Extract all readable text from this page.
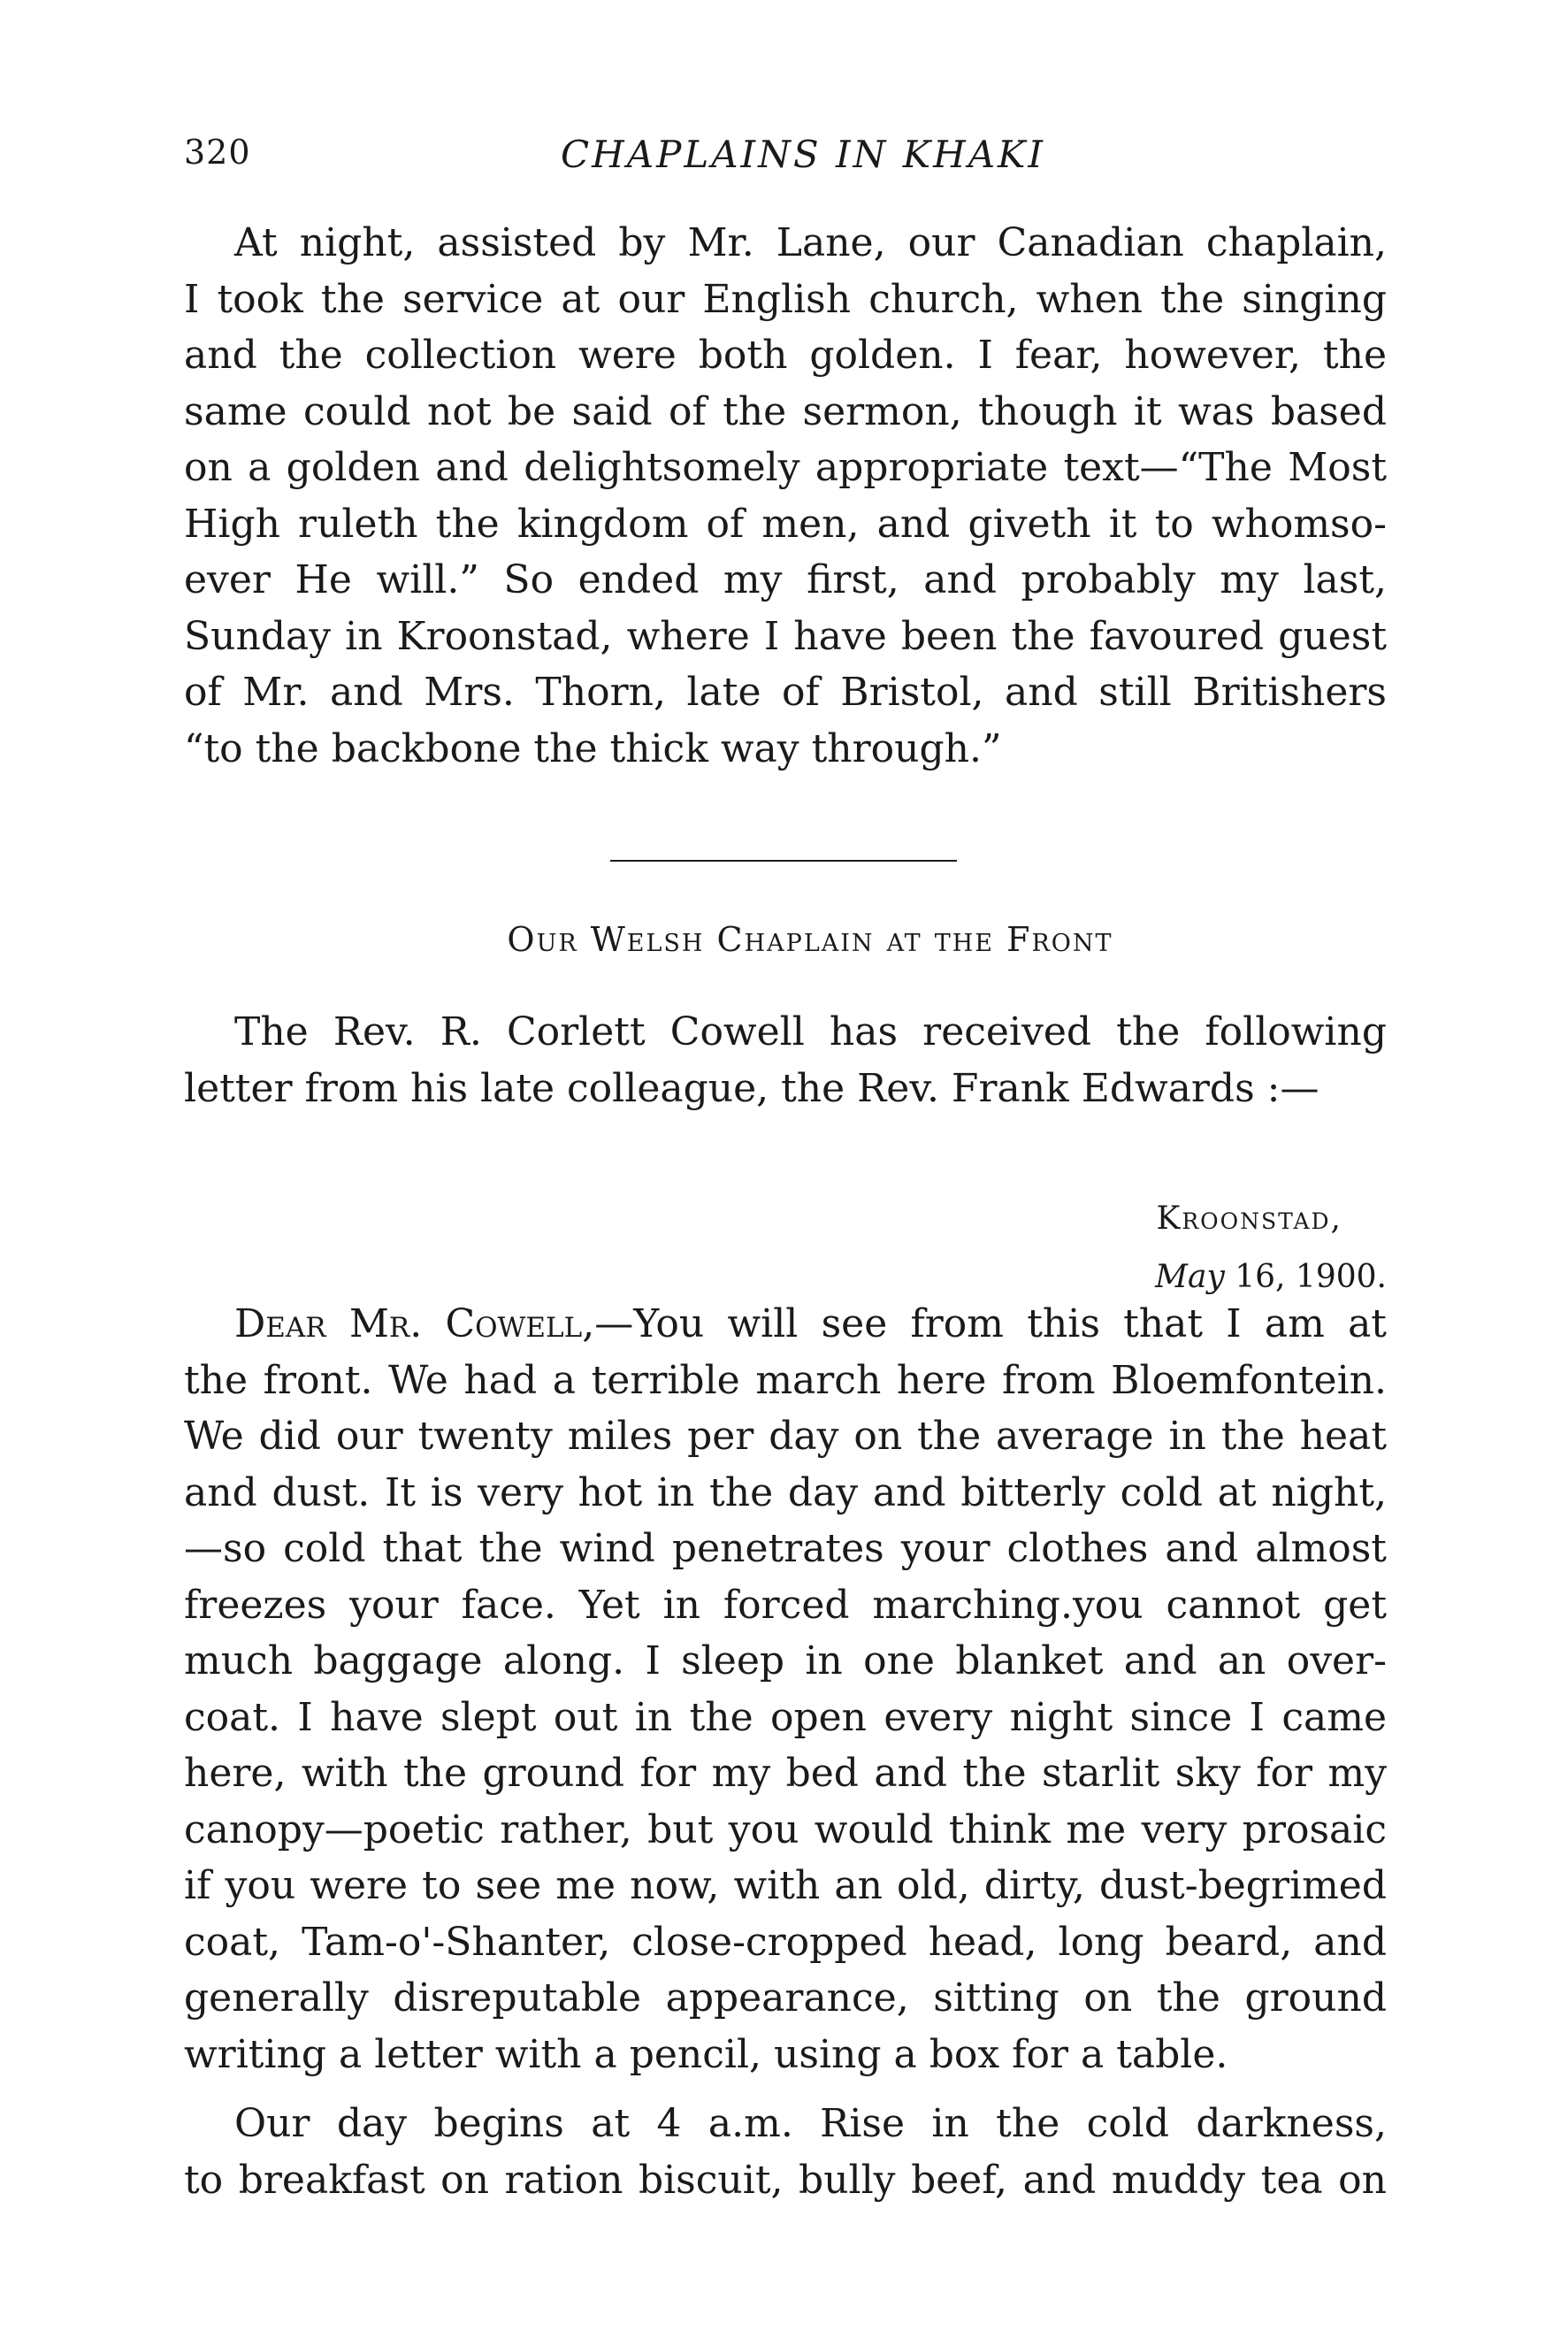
320	CHAPLAINS IN KHAKI
At night, assisted by Mr. Lane, our Canadian chaplain,
I took the service at our English church, when the singing
and the collection were both golden. I fear, however, the
same could not be said of the sermon, though it was based
on a golden and delightsomely appropriate text—“The Most
High ruleth the kingdom of men, and giveth it to whomso-
ever He will.” So ended my first, and probably my last,
Sunday in Kroonstad, where I have been the favoured guest
of Mr. and Mrs. Thorn, late of Bristol, and still Britishers
“to the backbone the thick way through.”
Our Welsh Chaplain at the Front
The Rev. R. Corlett Cowell has received the following
letter from his late colleague, the Rev. Frank Edwards :—
Kroonstad,
May 16, 1900.
Dear Mr. Cowell,—You will see from this that I am at
the front. We had a terrible march here from Bloemfontein.
We did our twenty miles per day on the average in the heat
and dust. It is very hot in the day and bitterly cold at night,
—so cold that the wind penetrates your clothes and almost
freezes your face. Yet in forced marching.you cannot get
much baggage along. I sleep in one blanket and an over-
coat. I have slept out in the open every night since I came
here, with the ground for my bed and the starlit sky for my
canopy—poetic rather, but you would think me very prosaic
if you were to see me now, with an old, dirty, dust-begrimed
coat, Tam-o'-Shanter, close-cropped head, long beard, and
generally disreputable appearance, sitting on the ground
writing a letter with a pencil, using a box for a table.
Our day begins at 4 a.m. Rise in the cold darkness,
to breakfast on ration biscuit, bully beef, and muddy tea on
